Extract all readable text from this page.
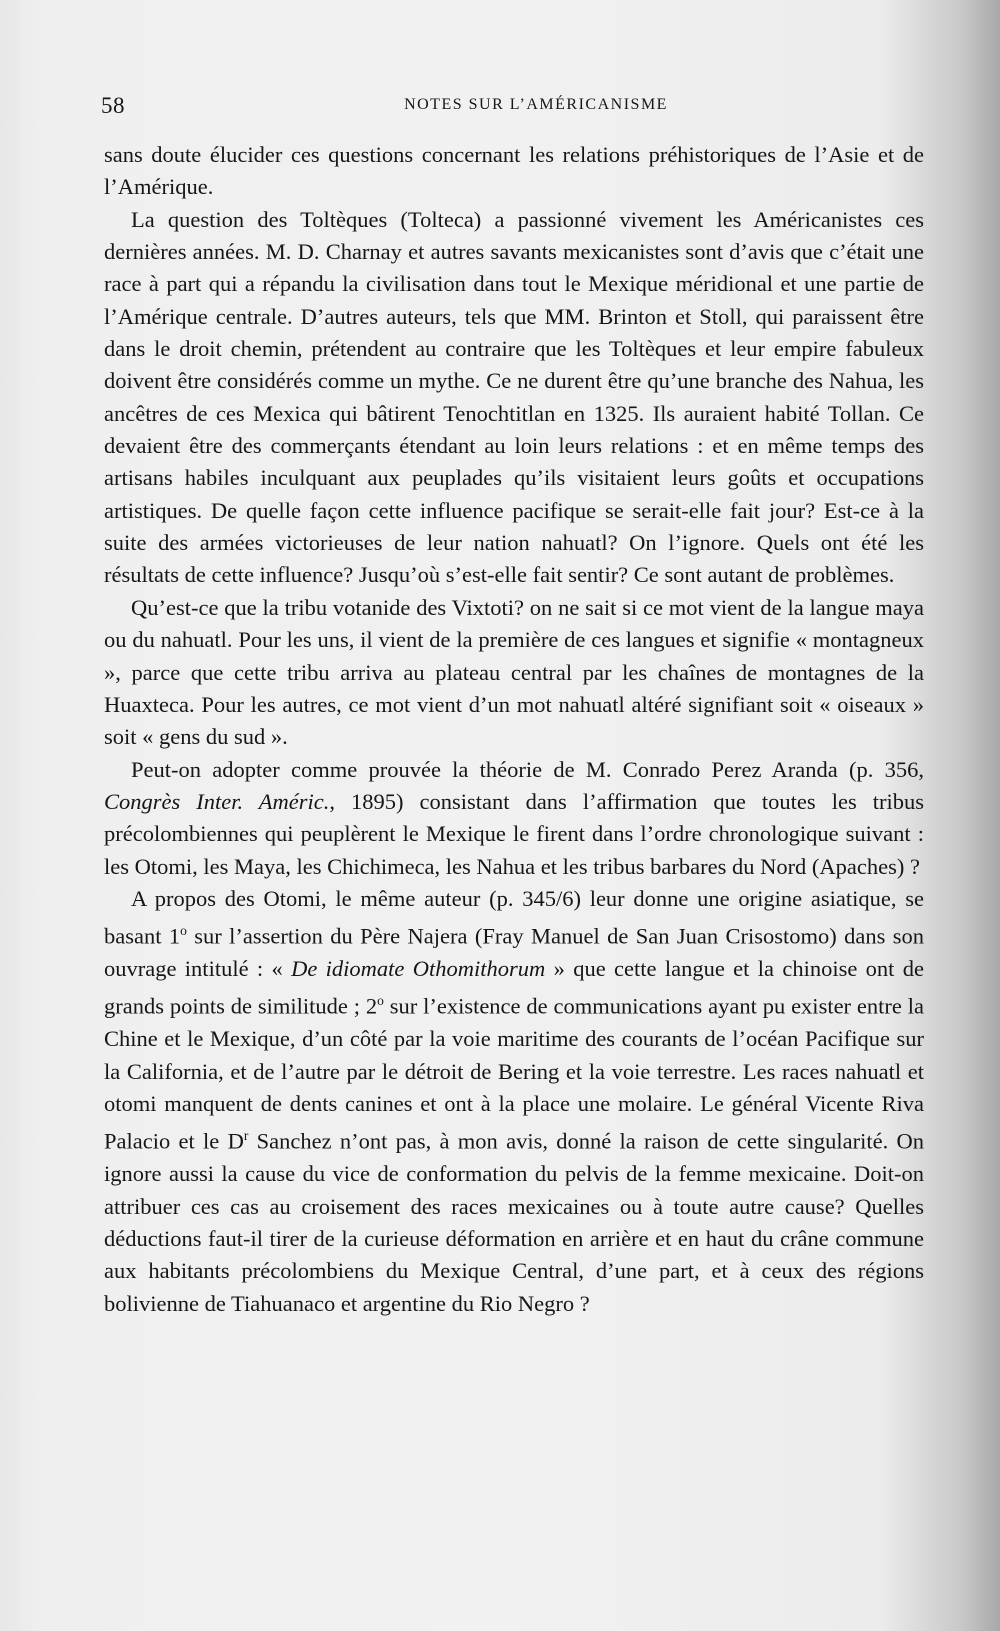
58	NOTES SUR L’AMÉRICANISME

sans doute élucider ces questions concernant les relations préhistoriques de l’Asie et de l’Amérique.

La question des Toltèques (Tolteca) a passionné vivement les Américanistes ces dernières années. M. D. Charnay et autres savants mexicanistes sont d’avis que c’était une race à part qui a répandu la civilisation dans tout le Mexique méridional et une partie de l’Amérique centrale. D’autres auteurs, tels que MM. Brinton et Stoll, qui paraissent être dans le droit chemin, prétendent au contraire que les Toltèques et leur empire fabuleux doivent être considérés comme un mythe. Ce ne durent être qu’une branche des Nahua, les ancêtres de ces Mexica qui bâtirent Tenochtitlan en 1325. Ils auraient habité Tollan. Ce devaient être des commerçants étendant au loin leurs relations : et en même temps des artisans habiles inculquant aux peuplades qu’ils visitaient leurs goûts et occupations artistiques. De quelle façon cette influence pacifique se serait-elle fait jour? Est-ce à la suite des armées victorieuses de leur nation nahuatl? On l’ignore. Quels ont été les résultats de cette influence? Jusqu’où s’est-elle fait sentir? Ce sont autant de problèmes.

Qu’est-ce que la tribu votanide des Vixtoti? on ne sait si ce mot vient de la langue maya ou du nahuatl. Pour les uns, il vient de la première de ces langues et signifie « montagneux », parce que cette tribu arriva au plateau central par les chaînes de montagnes de la Huaxteca. Pour les autres, ce mot vient d’un mot nahuatl altéré signifiant soit « oiseaux » soit « gens du sud ».

Peut-on adopter comme prouvée la théorie de M. Conrado Perez Aranda (p. 356, Congrès Inter. Améric., 1895) consistant dans l’affirmation que toutes les tribus précolombiennes qui peuplèrent le Mexique le firent dans l’ordre chronologique suivant : les Otomi, les Maya, les Chichimeca, les Nahua et les tribus barbares du Nord (Apaches) ?

A propos des Otomi, le même auteur (p. 345/6) leur donne une origine asiatique, se basant 1$^o$ sur l’assertion du Père Najera (Fray Manuel de San Juan Crisostomo) dans son ouvrage intitulé : « De idiomate Othomithorum » que cette langue et la chinoise ont de grands points de similitude ; 2$^o$ sur l’existence de communications ayant pu exister entre la Chine et le Mexique, d’un côté par la voie maritime des courants de l’océan Pacifique sur la California, et de l’autre par le détroit de Bering et la voie terrestre. Les races nahuatl et otomi manquent de dents canines et ont à la place une molaire. Le général Vicente Riva Palacio et le $D^r$ Sanchez n’ont pas, à mon avis, donné la raison de cette singularité. On ignore aussi la cause du vice de conformation du pelvis de la femme mexicaine. Doit-on attribuer ces cas au croisement des races mexicaines ou à toute autre cause? Quelles déductions faut-il tirer de la curieuse déformation en arrière et en haut du crâne commune aux habitants précolombiens du Mexique Central, d’une part, et à ceux des régions bolivienne de Tiahuanaco et argentine du Rio Negro ?
